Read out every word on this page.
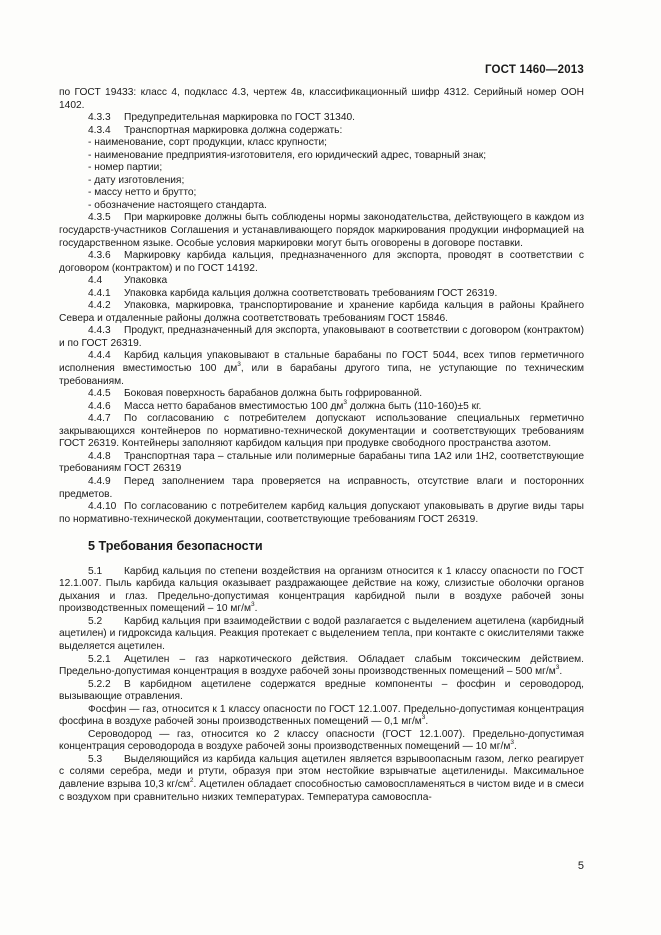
ГОСТ 1460—2013

по ГОСТ 19433: класс 4, подкласс 4.3, чертеж 4в, классификационный шифр 4312. Серийный номер ООН 1402.

4.3.3 Предупредительная маркировка по ГОСТ 31340.

4.3.4 Транспортная маркировка должна содержать:

- наименование, сорт продукции, класс крупности;

- наименование предприятия-изготовителя, его юридический адрес, товарный знак;

- номер партии;

- дату изготовления;

- массу нетто и брутто;

- обозначение настоящего стандарта.

4.3.5 При маркировке должны быть соблюдены нормы законодательства, действующего в каждом из государств-участников Соглашения и устанавливающего порядок маркирования продукции информацией на государственном языке. Особые условия маркировки могут быть оговорены в договоре поставки.

4.3.6 Маркировку карбида кальция, предназначенного для экспорта, проводят в соответствии с договором (контрактом) и по ГОСТ 14192.

4.4 Упаковка

4.4.1 Упаковка карбида кальция должна соответствовать требованиям ГОСТ 26319.

4.4.2 Упаковка, маркировка, транспортирование и хранение карбида кальция в районы Крайнего Севера и отдаленные районы должна соответствовать требованиям ГОСТ 15846.

4.4.3 Продукт, предназначенный для экспорта, упаковывают в соответствии с договором (контрактом) и по ГОСТ 26319.

4.4.4 Карбид кальция упаковывают в стальные барабаны по ГОСТ 5044, всех типов герметичного исполнения вместимостью 100 $дм^3$, или в барабаны другого типа, не уступающие по техническим требованиям.

4.4.5 Боковая поверхность барабанов должна быть гофрированной.

4.4.6 Масса нетто барабанов вместимостью 100 $дм^3$ должна быть (110-160)±5 кг.

4.4.7 По согласованию с потребителем допускают использование специальных герметично закрывающихся контейнеров по нормативно-технической документации и соответствующих требованиям ГОСТ 26319. Контейнеры заполняют карбидом кальция при продувке свободного пространства азотом.

4.4.8 Транспортная тара – стальные или полимерные барабаны типа 1А2 или 1Н2, соответствующие требованиям ГОСТ 26319

4.4.9 Перед заполнением тара проверяется на исправность, отсутствие влаги и посторонних предметов.

4.4.10 По согласованию с потребителем карбид кальция допускают упаковывать в другие виды тары по нормативно-технической документации, соответствующие требованиям ГОСТ 26319.

5 Требования безопасности

5.1 Карбид кальция по степени воздействия на организм относится к 1 классу опасности по ГОСТ 12.1.007. Пыль карбида кальция оказывает раздражающее действие на кожу, слизистые оболочки органов дыхания и глаз. Предельно-допустимая концентрация карбидной пыли в воздухе рабочей зоны производственных помещений – 10 $мг/м^3$.

5.2 Карбид кальция при взаимодействии с водой разлагается с выделением ацетилена (карбидный ацетилен) и гидроксида кальция. Реакция протекает с выделением тепла, при контакте с окислителями также выделяется ацетилен.

5.2.1 Ацетилен – газ наркотического действия. Обладает слабым токсическим действием. Предельно-допустимая концентрация в воздухе рабочей зоны производственных помещений – 500 $мг/м^3$.

5.2.2 В карбидном ацетилене содержатся вредные компоненты – фосфин и сероводород, вызывающие отравления.

Фосфин — газ, относится к 1 классу опасности по ГОСТ 12.1.007. Предельно-допустимая концентрация фосфина в воздухе рабочей зоны производственных помещений — 0,1 $мг/м^3$.

Сероводород — газ, относится ко 2 классу опасности (ГОСТ 12.1.007). Предельно-допустимая концентрация сероводорода в воздухе рабочей зоны производственных помещений — 10 $мг/м^3$.

5.3 Выделяющийся из карбида кальция ацетилен является взрывоопасным газом, легко реагирует с солями серебра, меди и ртути, образуя при этом нестойкие взрывчатые ацетилениды. Максимальное давление взрыва 10,3 $кг/см^2$. Ацетилен обладает способностью самовоспламеняться в чистом виде и в смеси с воздухом при сравнительно низких температурах. Температура самовоспла-

5
